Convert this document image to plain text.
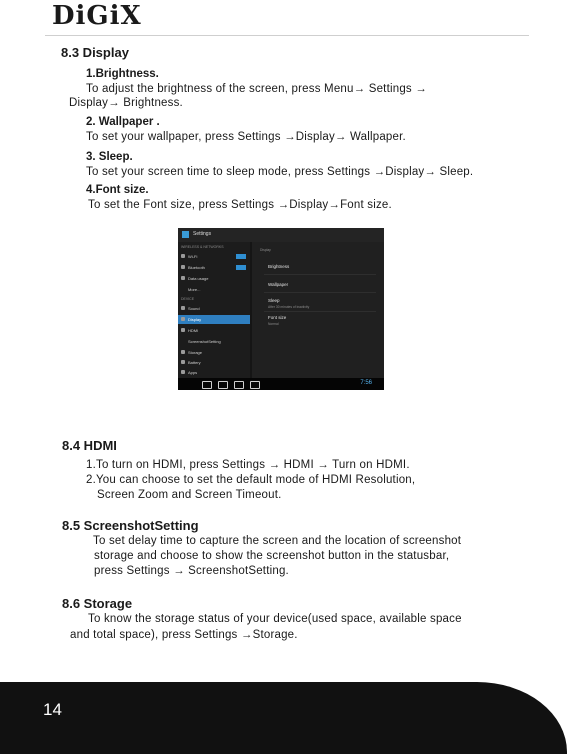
DiGiX
8.3 Display
1.Brightness.
To adjust the brightness of the screen, press Menu→ Settings →
Display→ Brightness.
2. Wallpaper .
To set your wallpaper, press Settings →Display→ Wallpaper.
3. Sleep.
To set your screen time to sleep mode, press Settings →Display→ Sleep.
4.Font size.
To set the Font size, press Settings →Display→Font size.
Settings
WIRELESS & NETWORKS
Wi-Fi
Bluetooth
Data usage
More...
DEVICE
Sound
Display
HDMI
ScreenshotSetting
Storage
Battery
Apps
Display
Brightness
Wallpaper
Sleep
After 30 minutes of inactivity
Font size
Normal
7:56
8.4 HDMI
1.To turn on HDMI, press Settings → HDMI → Turn on HDMI.
2.You can choose to set the default mode of HDMI Resolution,
Screen Zoom and Screen Timeout.
8.5 ScreenshotSetting
To set delay time to capture the screen and the location of screenshot
storage and choose to show the screenshot button in the statusbar,
press Settings → ScreenshotSetting.
8.6 Storage
To know the storage status of your device(used space, available space
and total space), press Settings →Storage.
14
